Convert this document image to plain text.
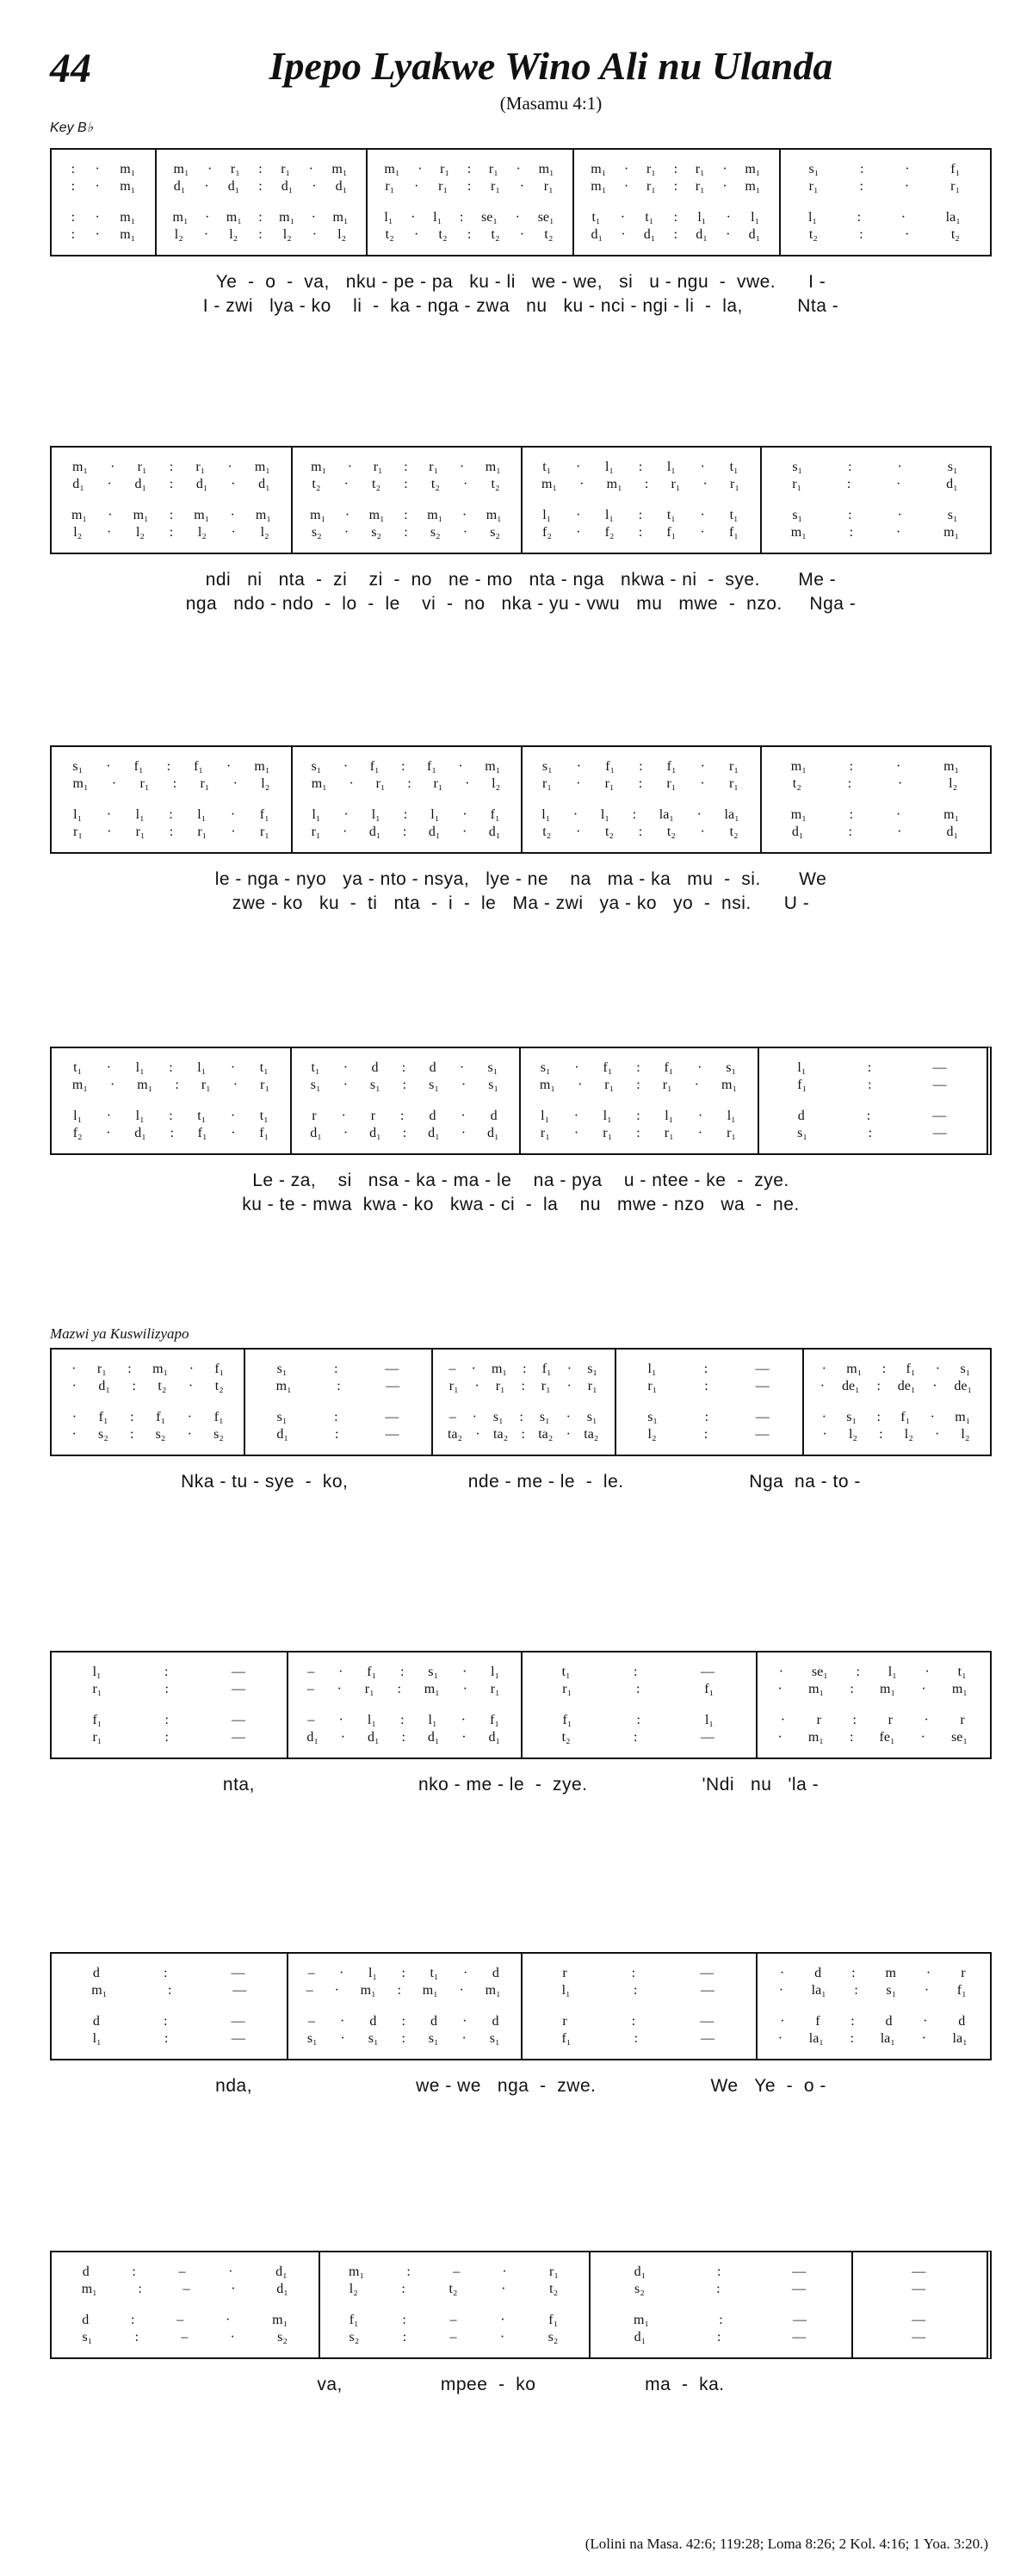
44	Ipepo Lyakwe Wino Ali nu Ulanda
(Masamu 4:1)
Key B♭
Mazwi ya Kuswilizyapo
(Lolini na Masa. 42:6; 119:28; Loma 8:26; 2 Kol. 4:16; 1 Yoa. 3:20.)
: · m₁
: · m₁
: · m₁
: · m₁
m₁ · r₁ : r₁ · m₁
d₁ · d₁ : d₁ · d₁
m₁ · m₁ : m₁ · m₁
l₂ · l₂ : l₂ · l₂
m₁ · r₁ : r₁ · m₁
r₁ · r₁ : r₁ · r₁
l₁ · l₁ : se₁ · se₁
t₂ · t₂ : t₂ · t₂
m₁ · r₁ : r₁ · m₁
m₁ · r₁ : r₁ · m₁
t₁ · t₁ : l₁ · l₁
d₁ · d₁ : d₁ · d₁
s₁	:	·	f₁
r₁	:	·	r₁
l₁	:	·	la₁
t₂	:	·	t₂
Ye  -  o  -  va,   nku - pe - pa   ku - li   we - we,   si   u - ngu  -  vwe.      I -
I - zwi   lya - ko    li  -  ka - nga - zwa   nu   ku - nci - ngi - li  -  la,          Nta -
m₁ · r₁ : r₁ · m₁
d₁ · d₁ : d₁ · d₁
m₁ · m₁ : m₁ · m₁
l₂ · l₂ : l₂ · l₂
m₁ · r₁ : r₁ · m₁
t₂ · t₂ : t₂ · t₂
m₁ · m₁ : m₁ · m₁
s₂ · s₂ : s₂ · s₂
t₁ · l₁ : l₁ · t₁
m₁ · m₁ : r₁ · r₁
l₁ · l₁ : t₁ · t₁
f₂ · f₂ : f₁ · f₁
s₁	:	·	s₁
r₁	:	·	d₁
s₁	:	·	s₁
m₁	:	·	m₁
ndi   ni   nta  -  zi    zi  -  no   ne - mo   nta - nga   nkwa - ni  -  sye.       Me -
nga   ndo - ndo  -  lo  -  le    vi  -  no   nka - yu - vwu   mu   mwe  -  nzo.     Nga -
s₁ · f₁ : f₁ · m₁
m₁ · r₁ : r₁ · l₂
l₁ · l₁ : l₁ · f₁
r₁ · r₁ : r₁ · r₁
s₁ · f₁ : f₁ · m₁
m₁ · r₁ : r₁ · l₂
l₁ · l₁ : l₁ · f₁
r₁ · d₁ : d₁ · d₁
s₁ · f₁ : f₁ · r₁
r₁ · r₁ : r₁ · r₁
l₁ · l₁ : la₁ · la₁
t₂ · t₂ : t₂ · t₂
m₁	:	·	m₁
t₂	:	·	l₂
m₁	:	·	m₁
d₁	:	·	d₁
le - nga - nyo   ya - nto - nsya,   lye - ne    na   ma - ka   mu  -  si.       We
zwe - ko   ku  -  ti   nta  -  i  -  le   Ma - zwi   ya - ko   yo  -  nsi.      U -
t₁ · l₁ : l₁ · t₁
m₁ · m₁ : r₁ · r₁
l₁ · l₁ : t₁ · t₁
f₂ · d₁ : f₁ · f₁
t₁ · d : d · s₁
s₁ · s₁ : s₁ · s₁
r · r : d · d
d₁ · d₁ : d₁ · d₁
s₁ · f₁ : f₁ · s₁
m₁ · r₁ : r₁ · m₁
l₁ · l₁ : l₁ · l₁
r₁ · r₁ : r₁ · r₁
l₁	:	—
f₁	:	—
d	:	—
s₁	:	—
Le - za,    si   nsa - ka - ma - le    na - pya    u - ntee - ke  -  zye.
ku - te - mwa  kwa - ko   kwa - ci  -  la    nu   mwe - nzo   wa  -  ne.
· r₁ : m₁ · f₁
· d₁ : t₂ · t₂
· f₁ : f₁ · f₁
· s₂ : s₂ · s₂
s₁	:	—
m₁	:	—
s₁	:	—
d₁	:	—
– · m₁ : f₁ · s₁
r₁ · r₁ : r₁ · r₁
– · s₁ : s₁ · s₁
ta₂ · ta₂ : ta₂ · ta₂
l₁	:	—
r₁	:	—
s₁	:	—
l₂	:	—
· m₁ : f₁ · s₁
· de₁ : de₁ · de₁
· s₁ : f₁ · m₁
· l₂ : l₂ · l₂
Nka - tu - sye  -  ko,                      nde - me - le  -  le.                       Nga  na - to -
l₁	:	—
r₁	:	—
f₁	:	—
r₁	:	—
– · f₁ : s₁ · l₁
– · r₁ : m₁ · r₁
– · l₁ : l₁ · f₁
d₁ · d₁ : d₁ · d₁
t₁	:	—
r₁	:	f₁
f₁	:	l₁
t₂	:	—
· se₁ : l₁ · t₁
· m₁ : m₁ · m₁
· r : r · r
· m₁ : fe₁ · se₁
nta,                              nko - me - le  -  zye.                     'Ndi   nu   'la -
d	:	—
m₁	:	—
d	:	—
l₁	:	—
– · l₁ : t₁ · d
– · m₁ : m₁ · m₁
– · d : d · d
s₁ · s₁ : s₁ · s₁
r	:	—
l₁	:	—
r	:	—
f₁	:	—
· d : m · r
· la₁ : s₁ · f₁
· f : d · d
· la₁ : la₁ · la₁
nda,                              we - we   nga  -  zwe.                     We   Ye  -  o -
d	:	–	·	d₁
m₁	:	–	·	d₁
d	:	–	·	m₁
s₁	:	–	·	s₂
m₁	:	–	·	r₁
l₂	:	t₂	·	t₂
f₁	:	–	·	f₁
s₂	:	–	·	s₂
d₁	:	—
s₂	:	—
m₁	:	—
d₁	:	—
—
—
—
—
va,                  mpee  -  ko                    ma  -  ka.
